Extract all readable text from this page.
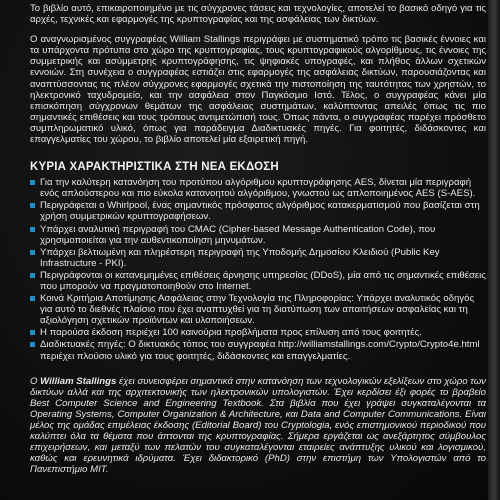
Το βιβλίο αυτό, επικαιροποιημένο με τις σύγχρονες τάσεις και τεχνολογίες, αποτελεί το βασικό οδηγό για τις αρχές, τεχνικές και εφαρμογές της κρυπτογραφίας και της ασφάλειας των δικτύων.

Ο αναγνωρισμένος συγγραφέας William Stallings περιγράφει με συστηματικό τρόπο τις βασικές έννοιες και τα υπάρχοντα πρότυπα στο χώρο της κρυπτογραφίας, τους κρυπτογραφικούς αλγορίθμους, τις έννοιες της συμμετρικής και ασύμμετρης κρυπτογράφησης, τις ψηφιακές υπογραφές, και πλήθος άλλων σχετικών εννοιών. Στη συνέχεια ο συγγραφέας εστιάζει στις εφαρμογές της ασφάλειας δικτύων, παρουσιάζοντας και αναπτύσσοντας τις πλέον σύγχρονες εφαρμογές σχετικά την πιστοποίηση της ταυτότητας των χρηστών, το ηλεκτρονικό ταχυδρομείο, και την ασφάλεια στον Παγκόσμιο Ιστό. Τέλος, ο συγγραφέας κάνει μία επισκόπηση σύγχρονων θεμάτων της ασφάλειας συστημάτων, καλύπτοντας απειλές όπως τις πιο σημαντικές επιθέσεις και τους τρόπους αντιμετώπισή τους. Όπως πάντα, ο συγγραφέας παρέχει πρόσθετο συμπληρωματικό υλικό, όπως για παράδειγμα Διαδικτυακές πηγές. Για φοιτητές, διδάσκοντες και επαγγελματίες του χώρου, το βιβλίο αποτελεί μία εξαιρετική πηγή.

ΚΥΡΙΑ ΧΑΡΑΚΤΗΡΙΣΤΙΚΑ ΣΤΗ ΝΕΑ ΕΚΔΟΣΗ
Για την καλύτερη κατανόηση του προτύπου αλγόριθμου κρυπτογράφησης AES, δίνεται μία περιγραφή ενός απλούστερου και πιο εύκολα κατανοητού αλγόριθμου, γνωστού ως απλοποιημένος AES (S-AES).
Περιγράφεται ο Whirlpool, ένας σημαντικός πρόσφατος αλγόριθμος κατακερματισμού που βασίζεται στη χρήση συμμετρικών κρυπτογραφήσεων.
Υπάρχει αναλυτική περιγραφή του CMAC (Cipher-based Message Authentication Code), που χρησιμοποιείται για την αυθεντικοποίηση μηνυμάτων.
Υπάρχει βελτιωμένη και πληρέστερη περιγραφή της Υποδομής Δημοσίου Κλειδιού (Public Key Infrastructure - PKI).
Περιγράφονται οι κατανεμημένες επιθέσεις άρνησης υπηρεσίας (DDoS), μία από τις σημαντικές επιθέσεις που μπορούν να πραγματοποιηθούν στο Internet.
Κοινά Κριτήρια Αποτίμησης Ασφάλειας στην Τεχνολογία της Πληροφορίας: Υπάρχει αναλυτικός οδηγός για αυτό το διεθνές πλαίσιο που έχει αναπτυχθεί για τη διατύπωση των απαιτήσεων ασφαλείας και τη αξιολόγηση σχετικών προϊόντων και υλοποιήσεων.
Η παρούσα έκδοση περιέχει 100 καινούρια προβλήματα προς επίλυση από τους φοιτητές.
Διαδικτυακές πηγές: Ο δικτυακός τόπος του συγγραφέα http://williamstallings.com/Crypto/Crypto4e.html περιέχει πλούσιο υλικό για τους φοιτητές, διδάσκοντες και επαγγελματίες.

Ο William Stallings έχει συνεισφέρει σημαντικά στην κατανόηση των τεχνολογικών εξελίξεων στο χώρο των δικτύων αλλά και της αρχιτεκτονικής των ηλεκτρονικών υπολογιστών. Έχει κερδίσει έξι φορές το βραβείο Best Computer Science and Engineering Textbook. Στα βιβλία που έχει γράψει συγκαταλέγονται τα Operating Systems, Computer Organization & Architecture, και Data and Computer Communications. Είναι μέλος της ομάδας επιμέλειας έκδοσης (Editorial Board) του Cryptologia, ενός επιστημονικού περιοδικού που καλύπτει όλα τα θέματα που άπτονται της κρυπτογραφίας. Σήμερα εργάζεται ως ανεξάρτητος σύμβουλος επιχειρήσεων, και μεταξύ των πελατών του συγκαταλέγονται εταιρείες ανάπτυξης υλικού και λογισμικού, καθώς και ερευνητικά ιδρύματα. Έχει διδακτορικό (PhD) στην επιστήμη των Υπολογιστών από το Πανεπιστήμιο MIT.
